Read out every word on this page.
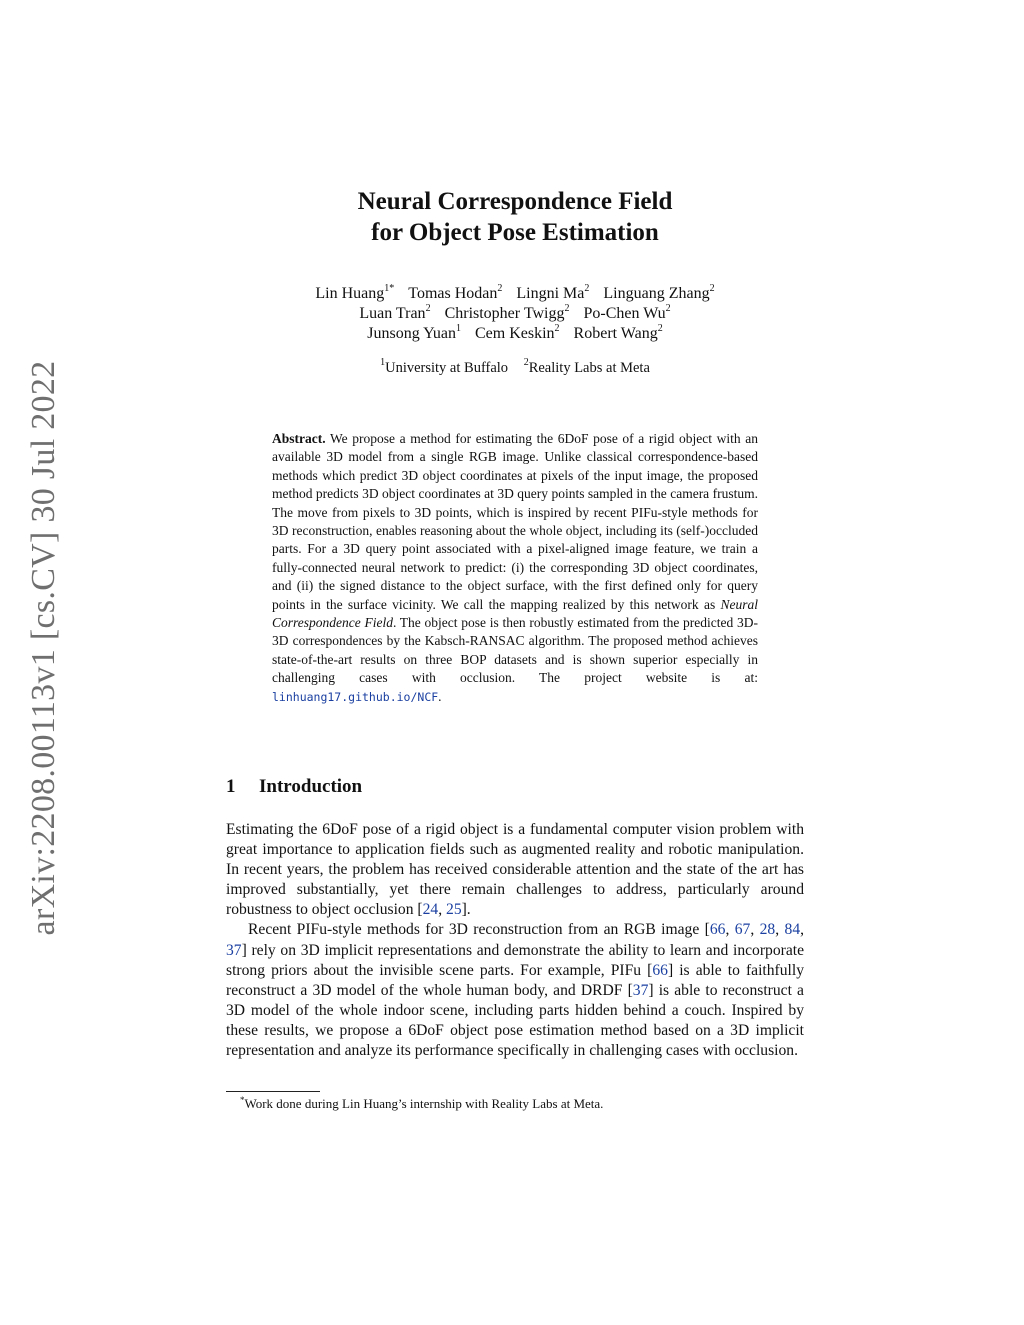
arXiv:2208.00113v1 [cs.CV] 30 Jul 2022
Neural Correspondence Field
for Object Pose Estimation
Lin Huang$^{1*}$ Tomas Hodan$^2$ Lingni Ma$^2$ Linguang Zhang$^2$
Luan Tran$^2$ Christopher Twigg$^2$ Po-Chen Wu$^2$
Junsong Yuan$^1$ Cem Keskin$^2$ Robert Wang$^2$
$^1$University at Buffalo $^2$Reality Labs at Meta
Abstract. We propose a method for estimating the 6DoF pose of a rigid object with an available 3D model from a single RGB image. Unlike classical correspondence-based methods which predict 3D object coordinates at pixels of the input image, the proposed method predicts 3D object coordinates at 3D query points sampled in the camera frustum. The move from pixels to 3D points, which is inspired by recent PIFu-style methods for 3D reconstruction, enables reasoning about the whole object, including its (self-)occluded parts. For a 3D query point associated with a pixel-aligned image feature, we train a fully-connected neural network to predict: (i) the corresponding 3D object coordinates, and (ii) the signed distance to the object surface, with the first defined only for query points in the surface vicinity. We call the mapping realized by this network as Neural Correspondence Field. The object pose is then robustly estimated from the predicted 3D-3D correspondences by the Kabsch-RANSAC algorithm. The proposed method achieves state-of-the-art results on three BOP datasets and is shown superior especially in challenging cases with occlusion. The project website is at: linhuang17.github.io/NCF.
1 Introduction

Estimating the 6DoF pose of a rigid object is a fundamental computer vision problem with great importance to application fields such as augmented reality and robotic manipulation. In recent years, the problem has received considerable attention and the state of the art has improved substantially, yet there remain challenges to address, particularly around robustness to object occlusion [24, 25].

Recent PIFu-style methods for 3D reconstruction from an RGB image [66, 67, 28, 84, 37] rely on 3D implicit representations and demonstrate the ability to learn and incorporate strong priors about the invisible scene parts. For example, PIFu [66] is able to faithfully reconstruct a 3D model of the whole human body, and DRDF [37] is able to reconstruct a 3D model of the whole indoor scene, including parts hidden behind a couch. Inspired by these results, we propose a 6DoF object pose estimation method based on a 3D implicit representation and analyze its performance specifically in challenging cases with occlusion.

*Work done during Lin Huang’s internship with Reality Labs at Meta.
